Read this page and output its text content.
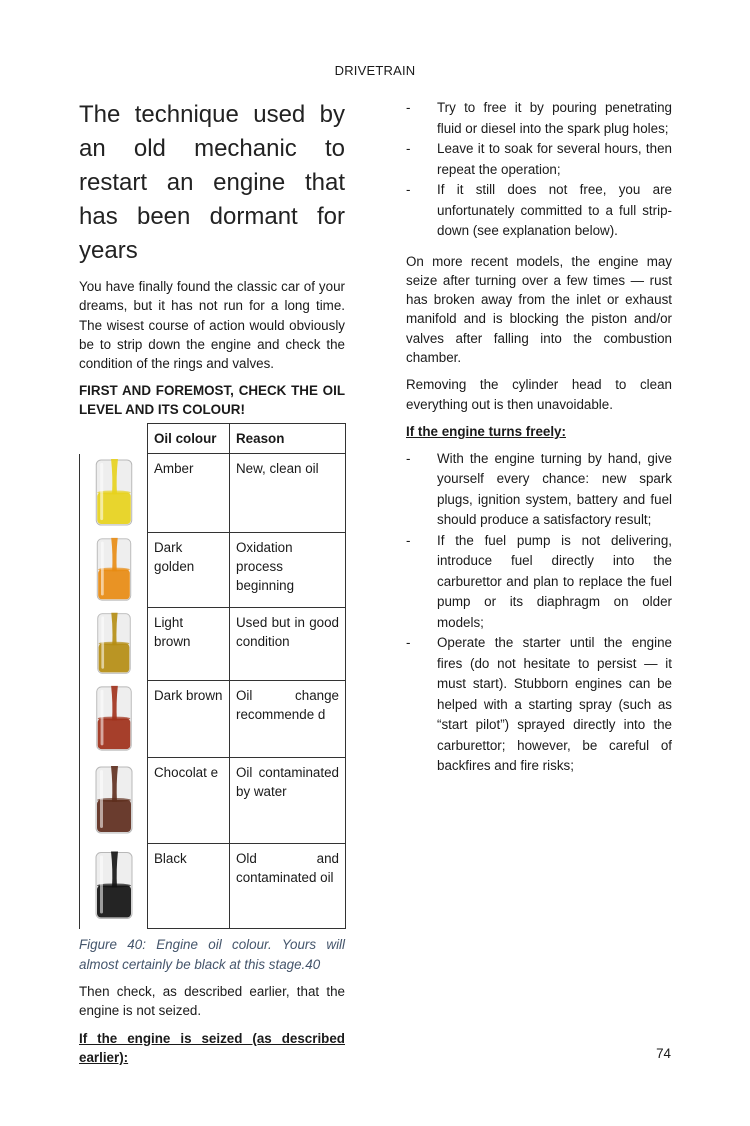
DRIVETRAIN
The technique used by an old mechanic to restart an engine that has been dormant for years

You have finally found the classic car of your dreams, but it has not run for a long time. The wisest course of action would obviously be to strip down the engine and check the condition of the rings and valves.

FIRST AND FOREMOST, CHECK THE OIL LEVEL AND ITS COLOUR!
	Oil colour	Reason

	Amber	New, clean oil

	Dark golden	Oxidation process beginning

	Light brown	Used but in good condition

	Dark brown	Oil change recommende d

	Chocolat e	Oil contaminated by water

	Black	Old and contaminated oil
Figure 40: Engine oil colour. Yours will almost certainly be black at this stage.40

Then check, as described earlier, that the engine is not seized.

If the engine is seized (as described earlier):
- Try to free it by pouring penetrating fluid or diesel into the spark plug holes;
- Leave it to soak for several hours, then repeat the operation;
- If it still does not free, you are unfortunately committed to a full strip-down (see explanation below).

On more recent models, the engine may seize after turning over a few times — rust has broken away from the inlet or exhaust manifold and is blocking the piston and/or valves after falling into the combustion chamber.

Removing the cylinder head to clean everything out is then unavoidable.

If the engine turns freely:
- With the engine turning by hand, give yourself every chance: new spark plugs, ignition system, battery and fuel should produce a satisfactory result;
- If the fuel pump is not delivering, introduce fuel directly into the carburettor and plan to replace the fuel pump or its diaphragm on older models;
- Operate the starter until the engine fires (do not hesitate to persist — it must start). Stubborn engines can be helped with a starting spray (such as “start pilot”) sprayed directly into the carburettor; however, be careful of backfires and fire risks;
74
